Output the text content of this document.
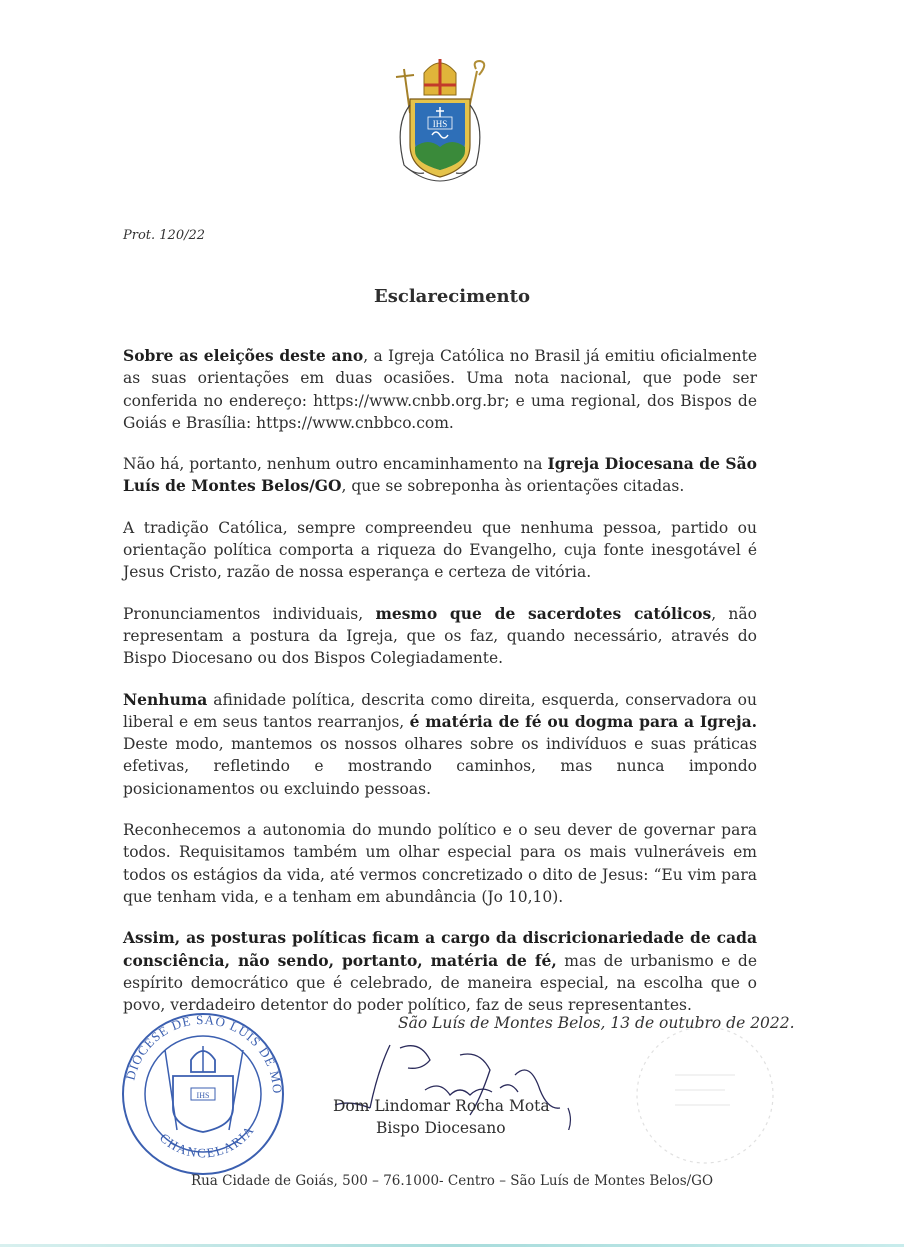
IHS
Prot. 120/22
Esclarecimento

Sobre as eleições deste ano, a Igreja Católica no Brasil já emitiu oficialmente as suas orientações em duas ocasiões. Uma nota nacional, que pode ser conferida no endereço: https://www.cnbb.org.br; e uma regional, dos Bispos de Goiás e Brasília: https://www.cnbbco.com.

Não há, portanto, nenhum outro encaminhamento na Igreja Diocesana de São Luís de Montes Belos/GO, que se sobreponha às orientações citadas.

A tradição Católica, sempre compreendeu que nenhuma pessoa, partido ou orientação política comporta a riqueza do Evangelho, cuja fonte inesgotável é Jesus Cristo, razão de nossa esperança e certeza de vitória.

Pronunciamentos individuais, mesmo que de sacerdotes católicos, não representam a postura da Igreja, que os faz, quando necessário, através do Bispo Diocesano ou dos Bispos Colegiadamente.

Nenhuma afinidade política, descrita como direita, esquerda, conservadora ou liberal e em seus tantos rearranjos, é matéria de fé ou dogma para a Igreja. Deste modo, mantemos os nossos olhares sobre os indivíduos e suas práticas efetivas, refletindo e mostrando caminhos, mas nunca impondo posicionamentos ou excluindo pessoas.

Reconhecemos a autonomia do mundo político e o seu dever de governar para todos. Requisitamos também um olhar especial para os mais vulneráveis em todos os estágios da vida, até vermos concretizado o dito de Jesus: “Eu vim para que tenham vida, e a tenham em abundância (Jo 10,10).

Assim, as posturas políticas ficam a cargo da discricionariedade de cada consciência, não sendo, portanto, matéria de fé, mas de urbanismo e de espírito democrático que é celebrado, de maneira especial, na escolha que o povo, verdadeiro detentor do poder político, faz de seus representantes.

IHS
DIOCESE DE SÃO LUÍS DE MO
CHANCELARIA
São Luís de Montes Belos, 13 de outubro de 2022.
Dom Lindomar Rocha Mota
Bispo Diocesano
Rua Cidade de Goiás, 500 – 76.1000- Centro – São Luís de Montes Belos/GO
